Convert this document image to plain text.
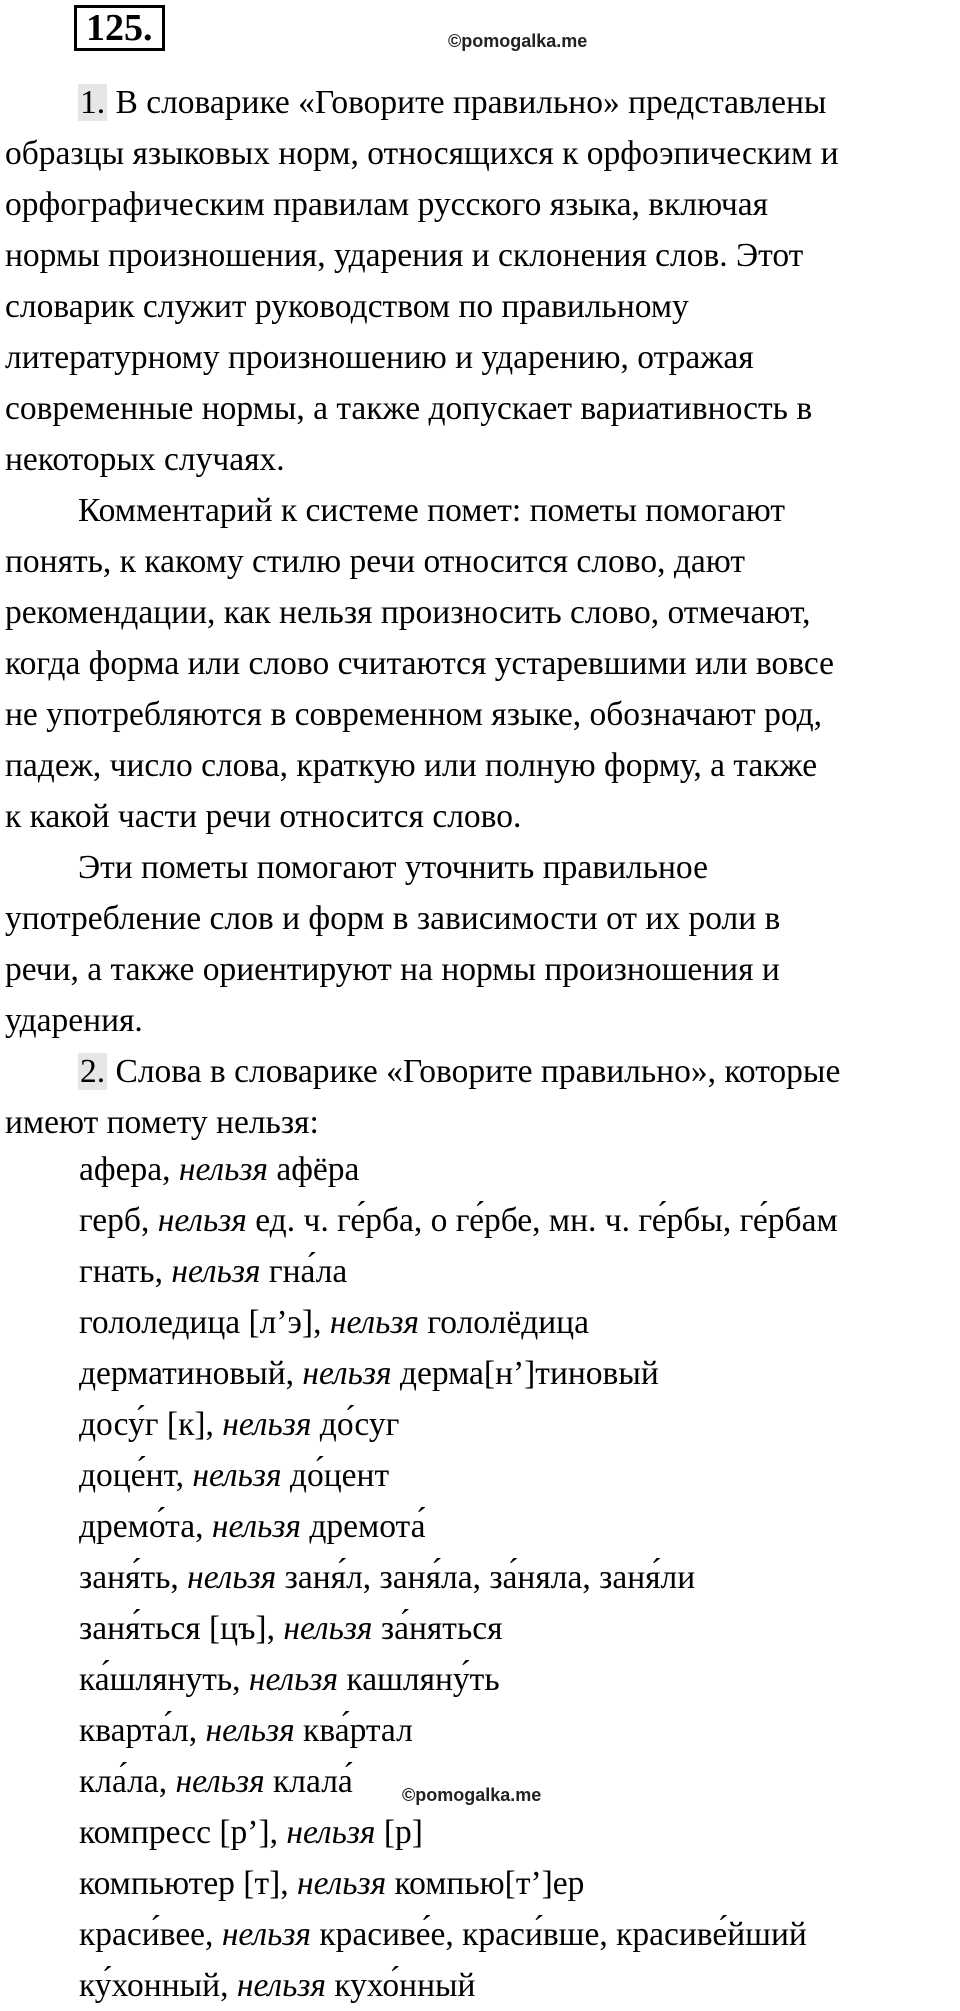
125.	©pomogalka.me
1. В словарике «Говорите правильно» представлены
образцы языковых норм, относящихся к орфоэпическим и
орфографическим правилам русского языка, включая
нормы произношения, ударения и склонения слов. Этот
словарик служит руководством по правильному
литературному произношению и ударению, отражая
современные нормы, а также допускает вариативность в
некоторых случаях.
Комментарий к системе помет: пометы помогают
понять, к какому стилю речи относится слово, дают
рекомендации, как нельзя произносить слово, отмечают,
когда форма или слово считаются устаревшими или вовсе
не употребляются в современном языке, обозначают род,
падеж, число слова, краткую или полную форму, а также
к какой части речи относится слово.
Эти пометы помогают уточнить правильное
употребление слов и форм в зависимости от их роли в
речи, а также ориентируют на нормы произношения и
ударения.
2. Слова в словарике «Говорите правильно», которые
имеют помету нельзя:
афера, нельзя афёра
герб, нельзя ед. ч. ге́рба, о ге́рбе, мн. ч. ге́рбы, ге́рбам
гнать, нельзя гна́ла
гололедица [л’э], нельзя гололёдица
дерматиновый, нельзя дерма[н’]тиновый
досу́г [к], нельзя до́суг
доце́нт, нельзя до́цент
дремо́та, нельзя дремота́
заня́ть, нельзя заня́л, заня́ла, за́няла, заня́ли
заня́ться [цъ], нельзя за́няться
ка́шлянуть, нельзя кашляну́ть
кварта́л, нельзя ква́ртал
кла́ла, нельзя клала́
компресс [р’], нельзя [р]
компьютер [т], нельзя компью[т’]ер
краси́вее, нельзя красиве́е, краси́вше, красиве́йший
ку́хонный, нельзя кухо́нный
©pomogalka.me
